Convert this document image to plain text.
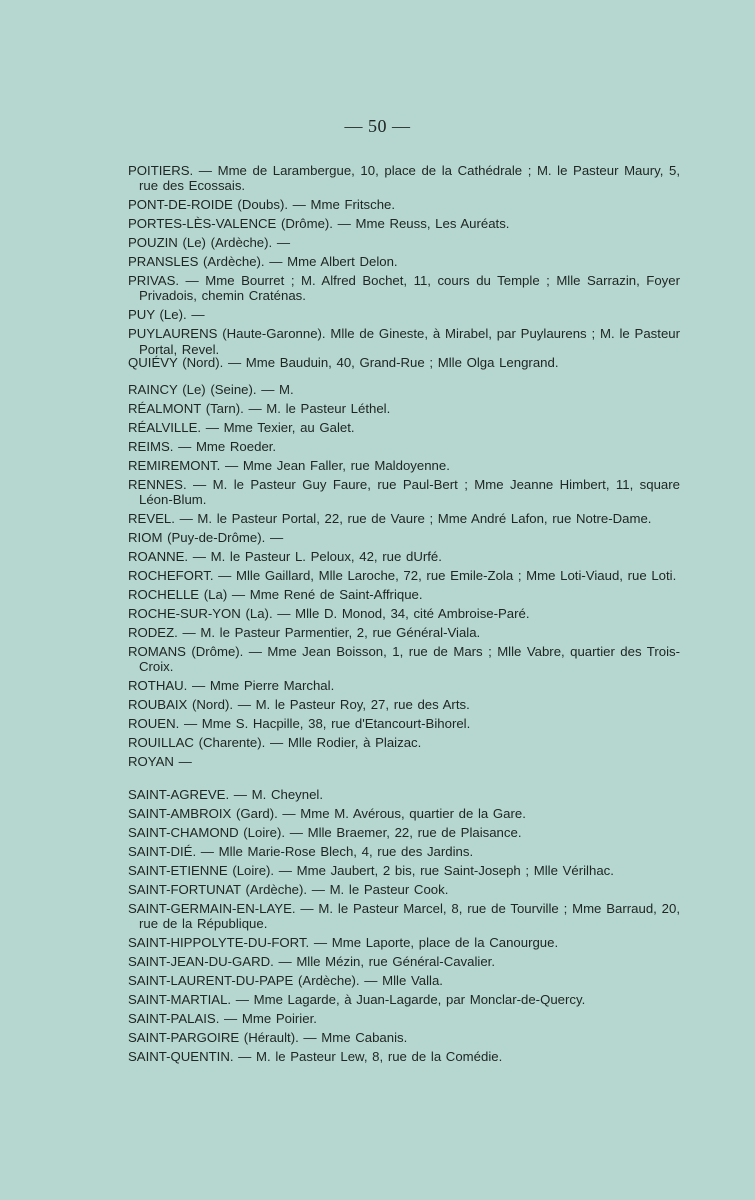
— 50 —
POITIERS. — Mme de Larambergue, 10, place de la Cathédrale ; M. le Pasteur Maury, 5, rue des Ecossais.
PONT-DE-ROIDE (Doubs). — Mme Fritsche.
PORTES-LÈS-VALENCE (Drôme). — Mme Reuss, Les Auréats.
POUZIN (Le) (Ardèche). —
PRANSLES (Ardèche). — Mme Albert Delon.
PRIVAS. — Mme Bourret ; M. Alfred Bochet, 11, cours du Temple ; Mlle Sarrazin, Foyer Privadois, chemin Craténas.
PUY (Le). —
PUYLAURENS (Haute-Garonne). Mlle de Gineste, à Mirabel, par Puylaurens ; M. le Pasteur Portal, Revel.
QUIÉVY (Nord). — Mme Bauduin, 40, Grand-Rue ; Mlle Olga Lengrand.
RAINCY (Le) (Seine). — M.
RÉALMONT (Tarn). — M. le Pasteur Léthel.
RÉALVILLE. — Mme Texier, au Galet.
REIMS. — Mme Roeder.
REMIREMONT. — Mme Jean Faller, rue Maldoyenne.
RENNES. — M. le Pasteur Guy Faure, rue Paul-Bert ; Mme Jeanne Himbert, 11, square Léon-Blum.
REVEL. — M. le Pasteur Portal, 22, rue de Vaure ; Mme André Lafon, rue Notre-Dame.
RIOM (Puy-de-Drôme). —
ROANNE. — M. le Pasteur L. Peloux, 42, rue dUrfé.
ROCHEFORT. — Mlle Gaillard, Mlle Laroche, 72, rue Emile-Zola ; Mme Loti-Viaud, rue Loti.
ROCHELLE (La) — Mme René de Saint-Affrique.
ROCHE-SUR-YON (La). — Mlle D. Monod, 34, cité Ambroise-Paré.
RODEZ. — M. le Pasteur Parmentier, 2, rue Général-Viala.
ROMANS (Drôme). — Mme Jean Boisson, 1, rue de Mars ; Mlle Vabre, quartier des Trois-Croix.
ROTHAU. — Mme Pierre Marchal.
ROUBAIX (Nord). — M. le Pasteur Roy, 27, rue des Arts.
ROUEN. — Mme S. Hacpille, 38, rue d'Etancourt-Bihorel.
ROUILLAC (Charente). — Mlle Rodier, à Plaizac.
ROYAN —
SAINT-AGREVE. — M. Cheynel.
SAINT-AMBROIX (Gard). — Mme M. Avérous, quartier de la Gare.
SAINT-CHAMOND (Loire). — Mlle Braemer, 22, rue de Plaisance.
SAINT-DIÉ. — Mlle Marie-Rose Blech, 4, rue des Jardins.
SAINT-ETIENNE (Loire). — Mme Jaubert, 2 bis, rue Saint-Joseph ; Mlle Vérilhac.
SAINT-FORTUNAT (Ardèche). — M. le Pasteur Cook.
SAINT-GERMAIN-EN-LAYE. — M. le Pasteur Marcel, 8, rue de Tourville ; Mme Barraud, 20, rue de la République.
SAINT-HIPPOLYTE-DU-FORT. — Mme Laporte, place de la Canourgue.
SAINT-JEAN-DU-GARD. — Mlle Mézin, rue Général-Cavalier.
SAINT-LAURENT-DU-PAPE (Ardèche). — Mlle Valla.
SAINT-MARTIAL. — Mme Lagarde, à Juan-Lagarde, par Monclar-de-Quercy.
SAINT-PALAIS. — Mme Poirier.
SAINT-PARGOIRE (Hérault). — Mme Cabanis.
SAINT-QUENTIN. — M. le Pasteur Lew, 8, rue de la Comédie.
